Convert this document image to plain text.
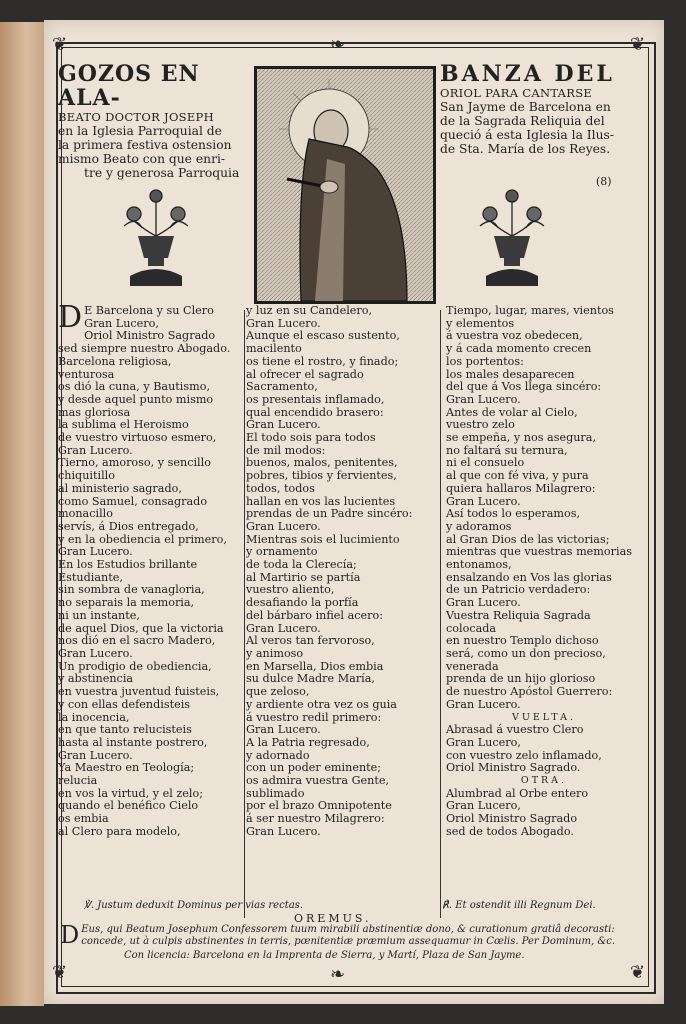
❦	❦
❧
❦	❦
❧
GOZOS EN ALA-
BEATO DOCTOR JOSEPH
en la Iglesia Parroquial de
la primera festiva ostension
mismo Beato con que enri-
tre y generosa Parroquia
BANZA DEL
ORIOL PARA CANTARSE
San Jayme de Barcelona en
de la Sagrada Reliquia del
queció á esta Iglesia la Ilus-
de Sta. María de los Reyes.
(8)

D E Barcelona y su Clero

Gran Lucero,

Oriol Ministro Sagrado

sed siempre nuestro Abogado.

Barcelona religiosa,

venturosa

os dió la cuna, y Bautismo,

y desde aquel punto mismo

mas gloriosa

la sublima el Heroismo

de vuestro virtuoso esmero,

Gran Lucero.

Tierno, amoroso, y sencillo

chiquitillo

al ministerio sagrado,

como Samuel, consagrado

monacillo

servís, á Dios entregado,

y en la obediencia el primero,

Gran Lucero.

En los Estudios brillante

Estudiante,

sin sombra de vanagloria,

no separais la memoria,

ni un instante,

de aquel Dios, que la victoria

nos dió en el sacro Madero,

Gran Lucero.

Un prodigio de obediencia,

y abstinencia

en vuestra juventud fuisteis,

y con ellas defendisteis

la inocencia,

en que tanto relucisteis

hasta al instante postrero,

Gran Lucero.

Ya Maestro en Teología;

relucia

en vos la virtud, y el zelo;

quando el benéfico Cielo

os embia

al Clero para modelo,

y luz en su Candelero,

Gran Lucero.

Aunque el escaso sustento,

macilento

os tiene el rostro, y finado;

al ofrecer el sagrado

Sacramento,

os presentais inflamado,

qual encendido brasero:

Gran Lucero.

El todo sois para todos

de mil modos:

buenos, malos, penitentes,

pobres, tibios y fervientes,

todos, todos

hallan en vos las lucientes

prendas de un Padre sincéro:

Gran Lucero.

Mientras sois el lucimiento

y ornamento

de toda la Clerecía;

al Martirio se partía

vuestro aliento,

desafiando la porfía

del bárbaro infiel acero:

Gran Lucero.

Al veros tan fervoroso,

y animoso

en Marsella, Dios embia

su dulce Madre María,

que zeloso,

y ardiente otra vez os guia

á vuestro redil primero:

Gran Lucero.

A la Patria regresado,

y adornado

con un poder eminente;

os admira vuestra Gente,

sublimado

por el brazo Omnipotente

á ser nuestro Milagrero:

Gran Lucero.

Tiempo, lugar, mares, vientos

y elementos

á vuestra voz obedecen,

y á cada momento crecen

los portentos:

los males desaparecen

del que á Vos llega sincéro:

Gran Lucero.

Antes de volar al Cielo,

vuestro zelo

se empeña, y nos asegura,

no faltará su ternura,

ni el consuelo

al que con fé viva, y pura

quiera hallaros Milagrero:

Gran Lucero.

Así todos lo esperamos,

y adoramos

al Gran Dios de las victorias;

mientras que vuestras memorias

entonamos,

ensalzando en Vos las glorias

de un Patricio verdadero:

Gran Lucero.

Vuestra Reliquia Sagrada

colocada

en nuestro Templo dichoso

será, como un don precioso,

venerada

prenda de un hijo glorioso

de nuestro Apóstol Guerrero:

Gran Lucero.

VUELTA.

Abrasad á vuestro Clero

Gran Lucero,

con vuestro zelo inflamado,

Oriol Ministro Sagrado.

OTRA.

Alumbrad al Orbe entero

Gran Lucero,

Oriol Ministro Sagrado

sed de todos Abogado.

℣. Justum deduxit Dominus per vias rectas.	℟. Et ostendit illi Regnum Dei.
OREMUS.
D Eus, qui Beatum Josephum Confessorem tuum mirabili abstinentiæ dono, & curationum gratiâ decorasti: concede, ut à culpis abstinentes in terris, pœnitentiæ præmium assequamur in Cœlis. Per Dominum, &c.
Con licencia: Barcelona en la Imprenta de Sierra, y Martí, Plaza de San Jayme.
